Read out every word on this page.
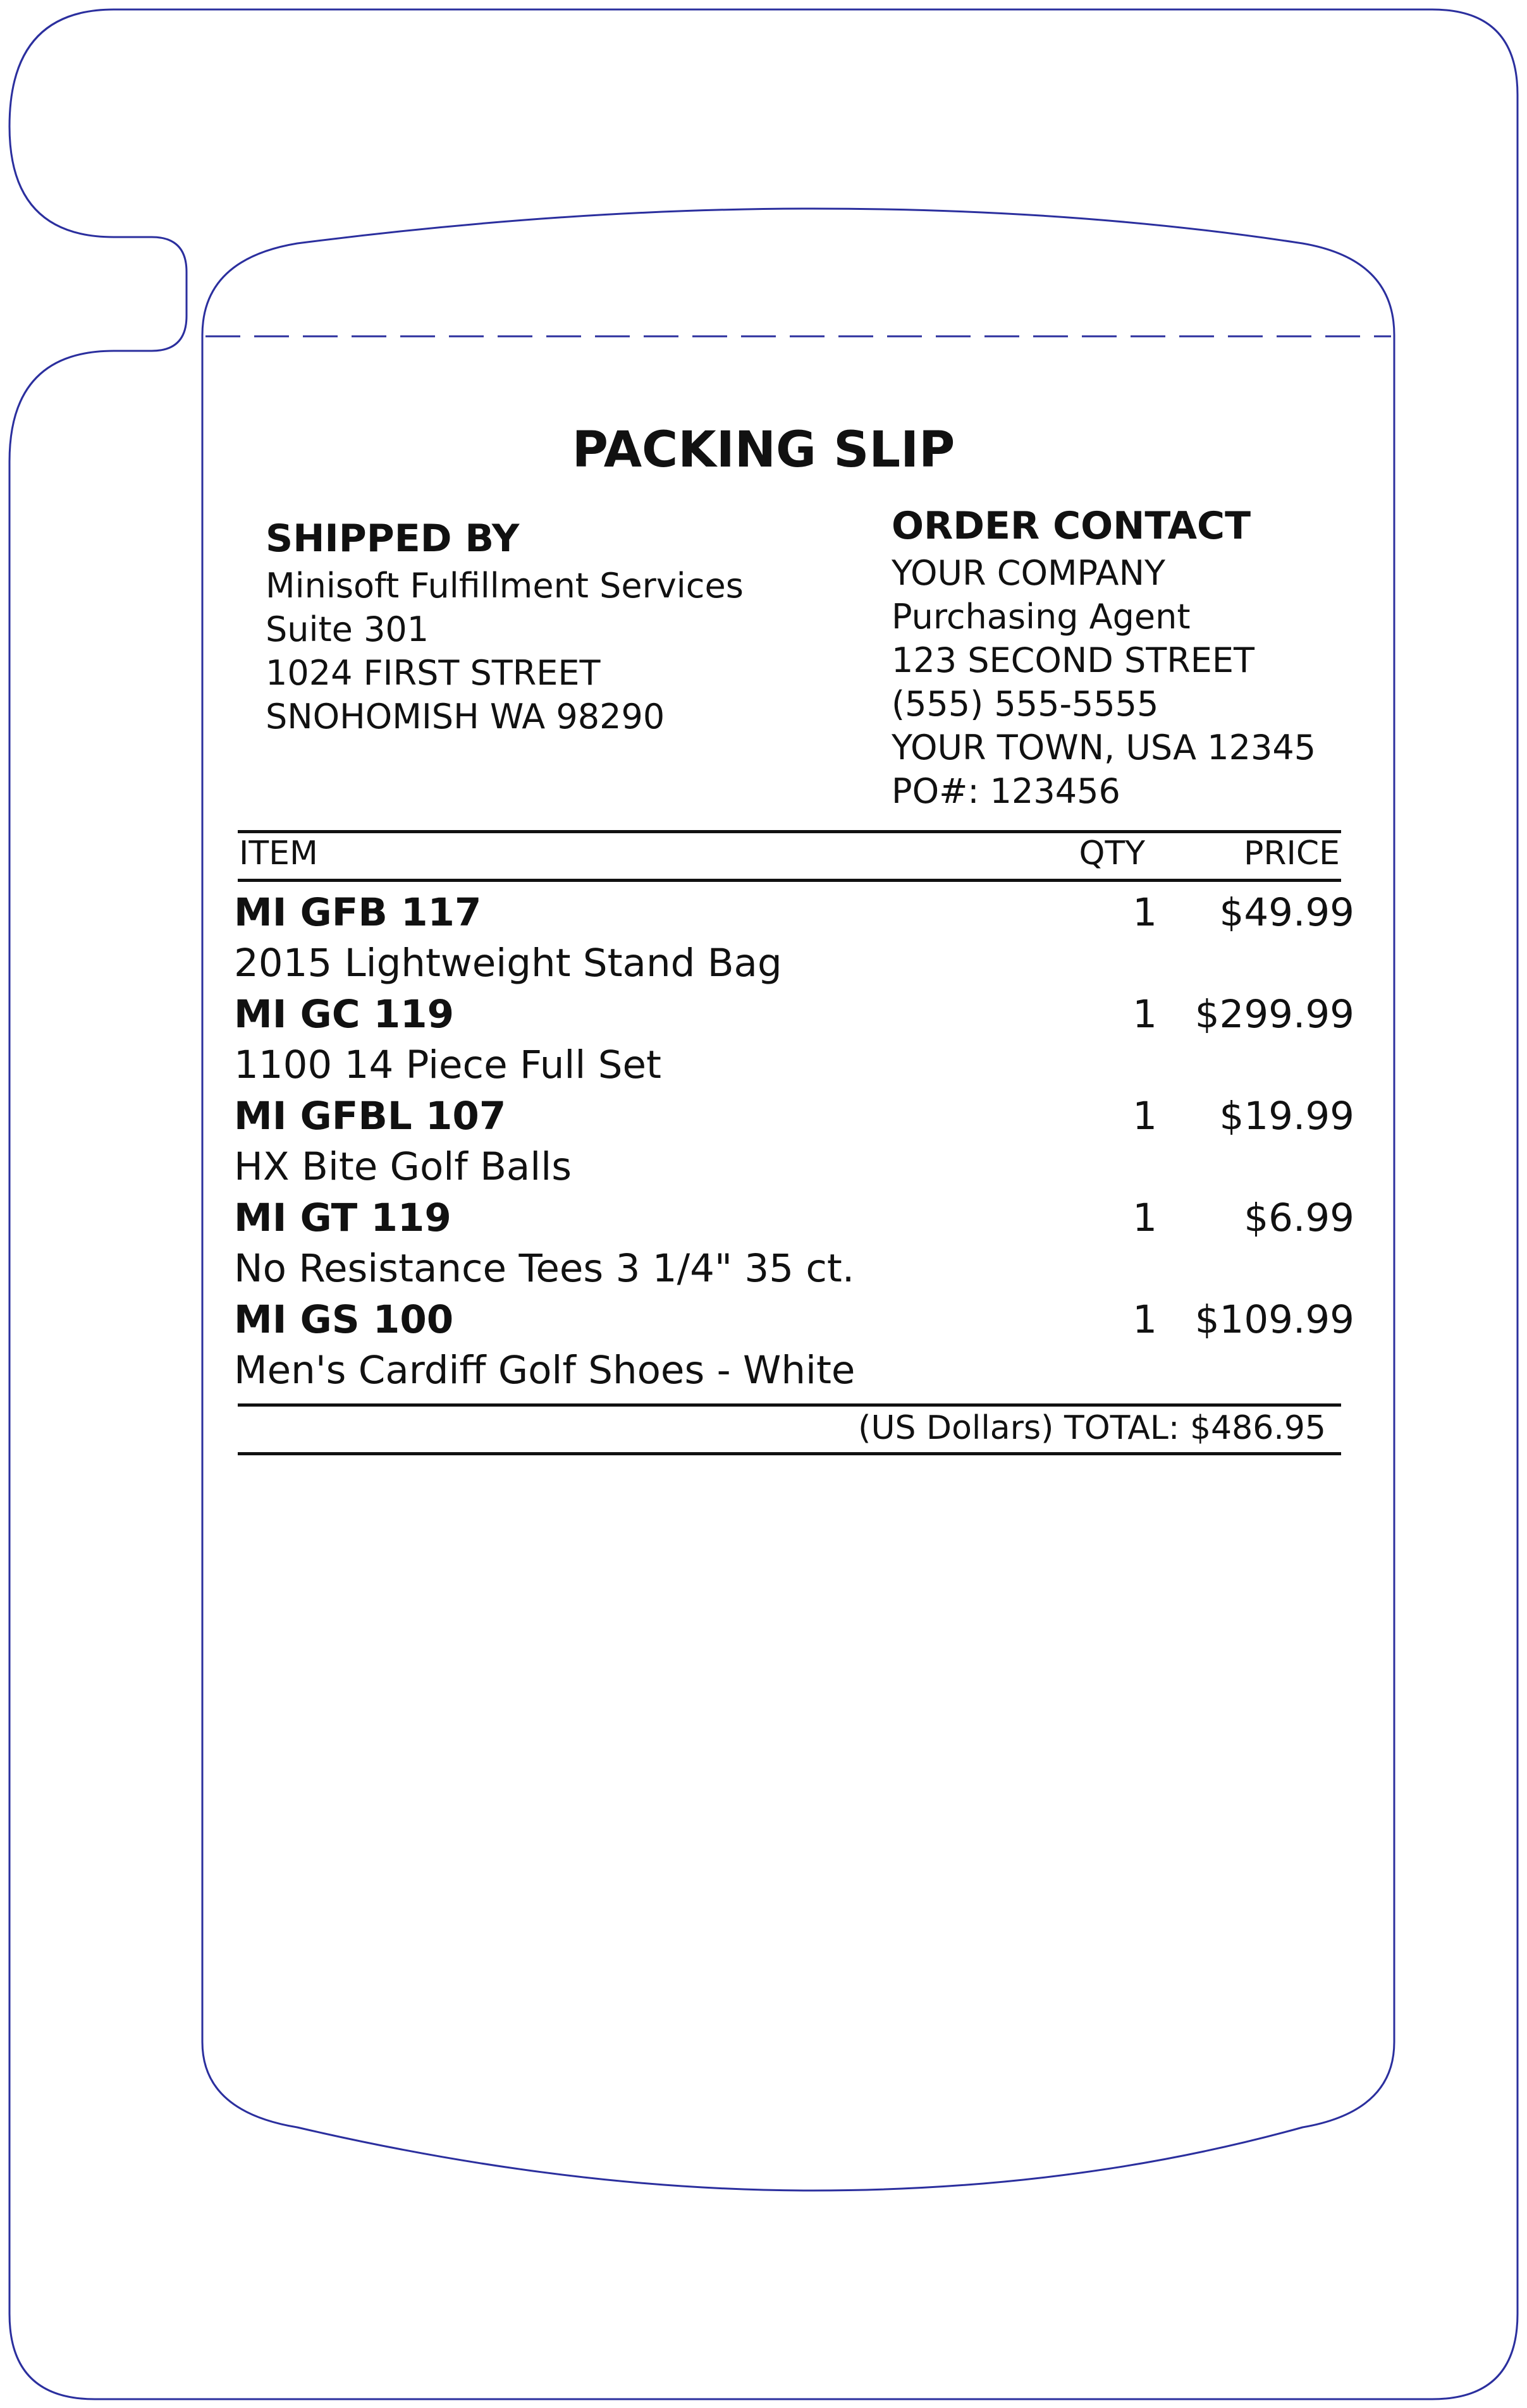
PACKING SLIP
SHIPPED BY
Minisoft Fulfillment Services
Suite 301
1024 FIRST STREET
SNOHOMISH WA 98290
ORDER CONTACT
YOUR COMPANY
Purchasing Agent
123 SECOND STREET
(555) 555-5555
YOUR TOWN, USA 12345
PO#: 123456
ITEM	QTY	PRICE
MI GFB 117
2015 Lightweight Stand Bag
1 $49.99
MI GC 119
1100 14 Piece Full Set
1 $299.99
MI GFBL 107
HX Bite Golf Balls
1 $19.99
MI GT 119
No Resistance Tees 3 1/4" 35 ct.
1 $6.99
MI GS 100
Men's Cardiff Golf Shoes - White
1 $109.99
(US Dollars) TOTAL: $486.95
